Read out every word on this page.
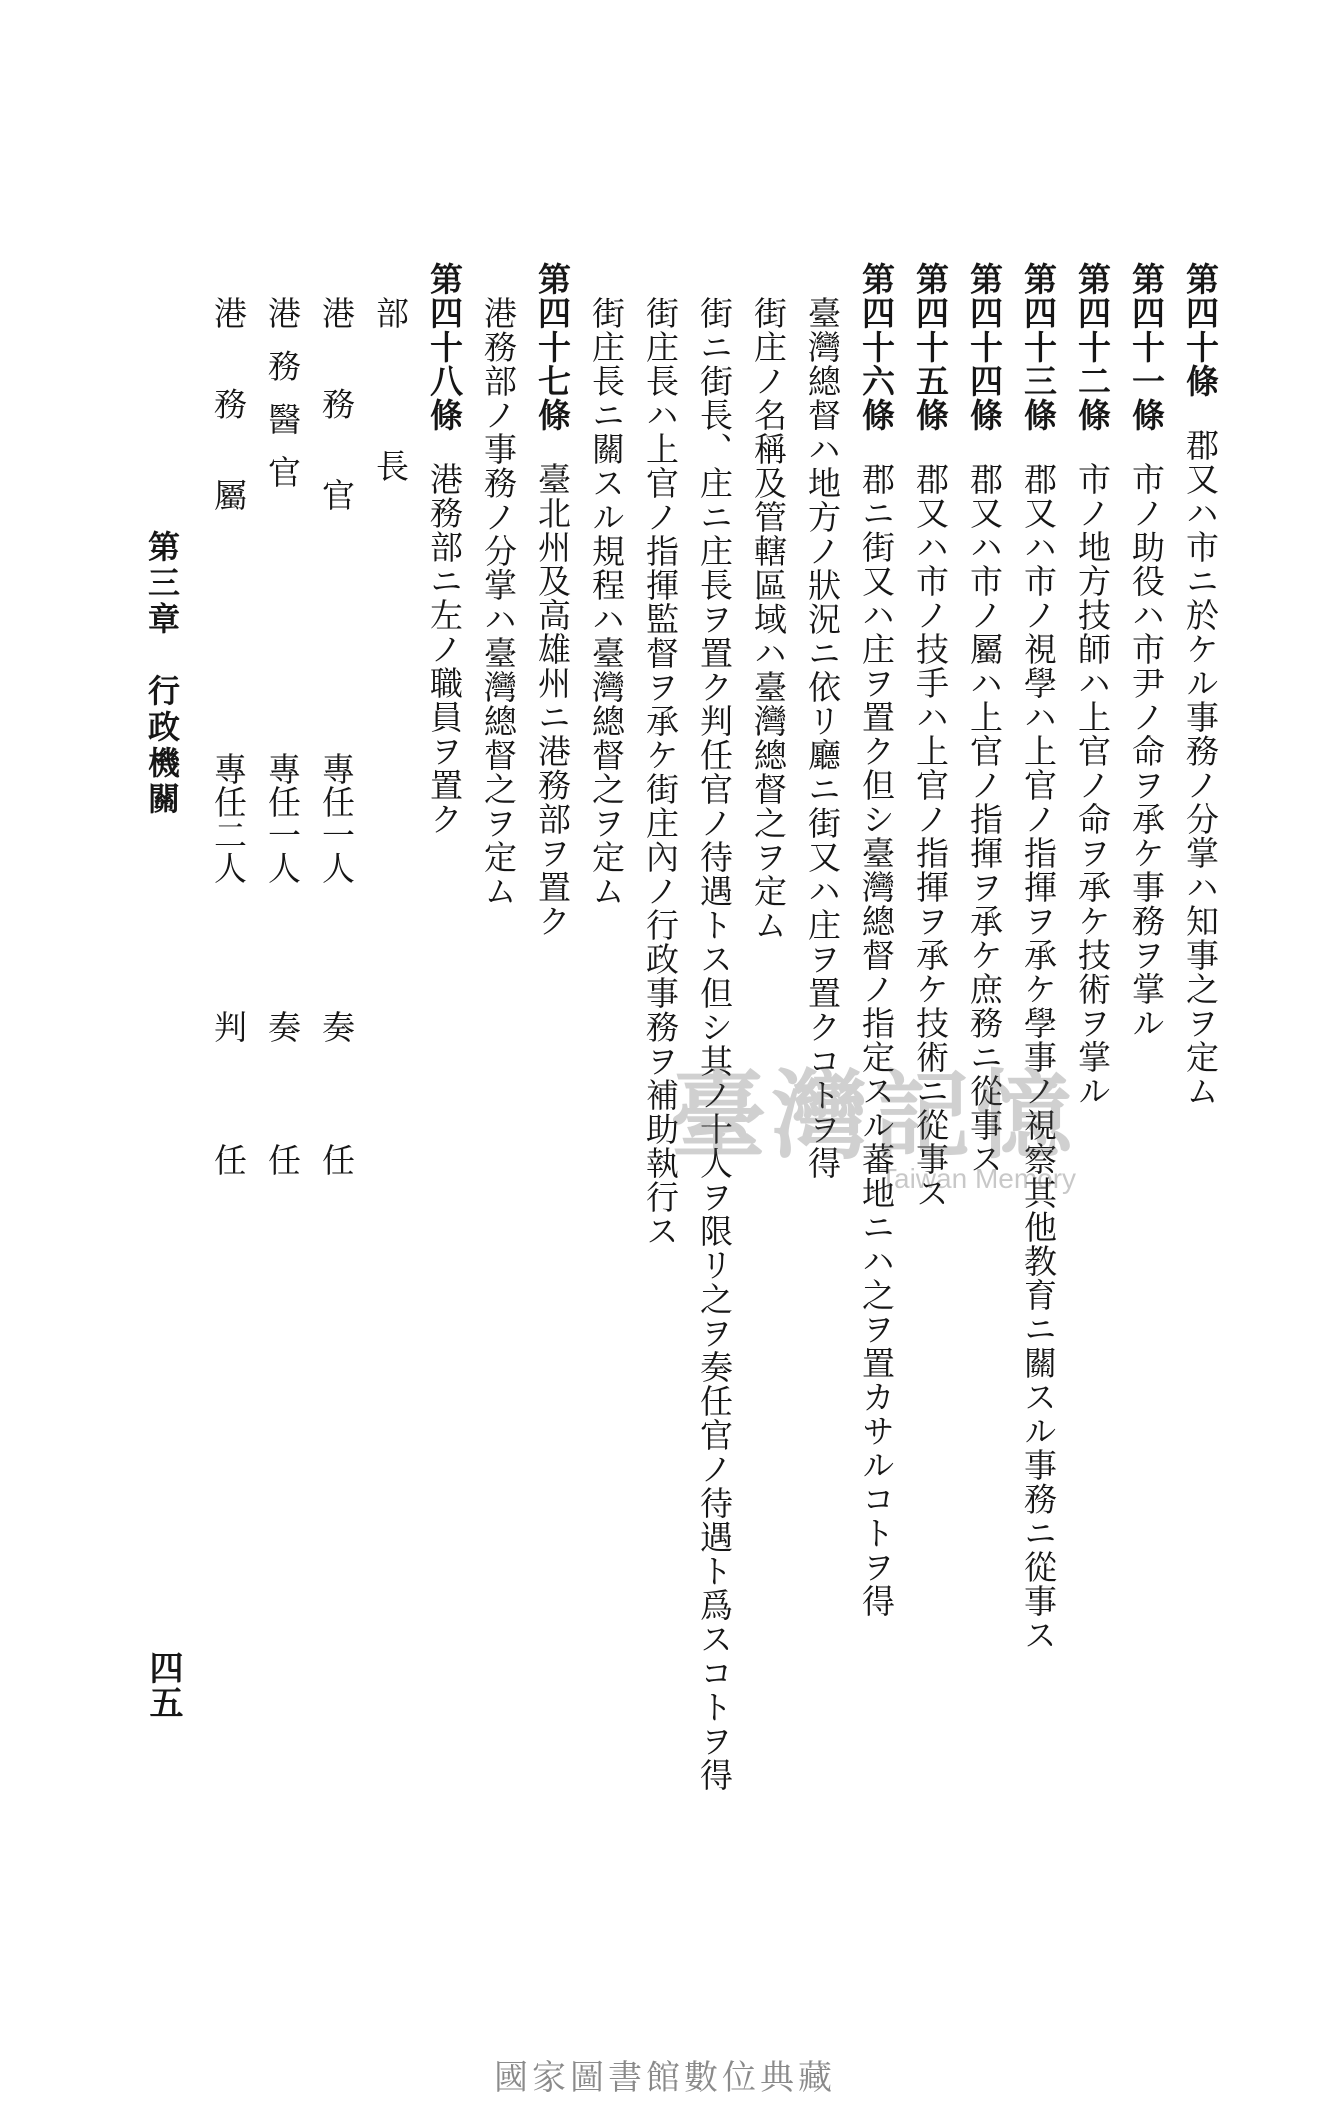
第四十條郡又ハ市ニ於ケル事務ノ分掌ハ知事之ヲ定ム
第四十一條市ノ助役ハ市尹ノ命ヲ承ケ事務ヲ掌ル
第四十二條市ノ地方技師ハ上官ノ命ヲ承ケ技術ヲ掌ル
第四十三條郡又ハ市ノ視學ハ上官ノ指揮ヲ承ケ學事ノ視察其他教育ニ關スル事務ニ從事ス
第四十四條郡又ハ市ノ屬ハ上官ノ指揮ヲ承ケ庶務ニ從事ス
第四十五條郡又ハ市ノ技手ハ上官ノ指揮ヲ承ケ技術ニ從事ス
第四十六條郡ニ街又ハ庄ヲ置ク但シ臺灣總督ノ指定スル蕃地ニハ之ヲ置カサルコトヲ得
臺灣總督ハ地方ノ狀況ニ依リ廳ニ街又ハ庄ヲ置クコトヲ得
街庄ノ名稱及管轄區域ハ臺灣總督之ヲ定ム
街ニ街長、庄ニ庄長ヲ置ク判任官ノ待遇トス但シ其ノ十人ヲ限リ之ヲ奏任官ノ待遇ト爲スコトヲ得
街庄長ハ上官ノ指揮監督ヲ承ケ街庄內ノ行政事務ヲ補助執行ス
街庄長ニ關スル規程ハ臺灣總督之ヲ定ム
第四十七條臺北州及高雄州ニ港務部ヲ置ク
港務部ノ事務ノ分掌ハ臺灣總督之ヲ定ム
第四十八條港務部ニ左ノ職員ヲ置ク
部長
港務官
專任一人
奏任
港務醫官
專任一人
奏任
港務屬
專任二人
判任
第三章　行政機關
四五
臺灣記憶
Taiwan Memory
國家圖書館數位典藏
